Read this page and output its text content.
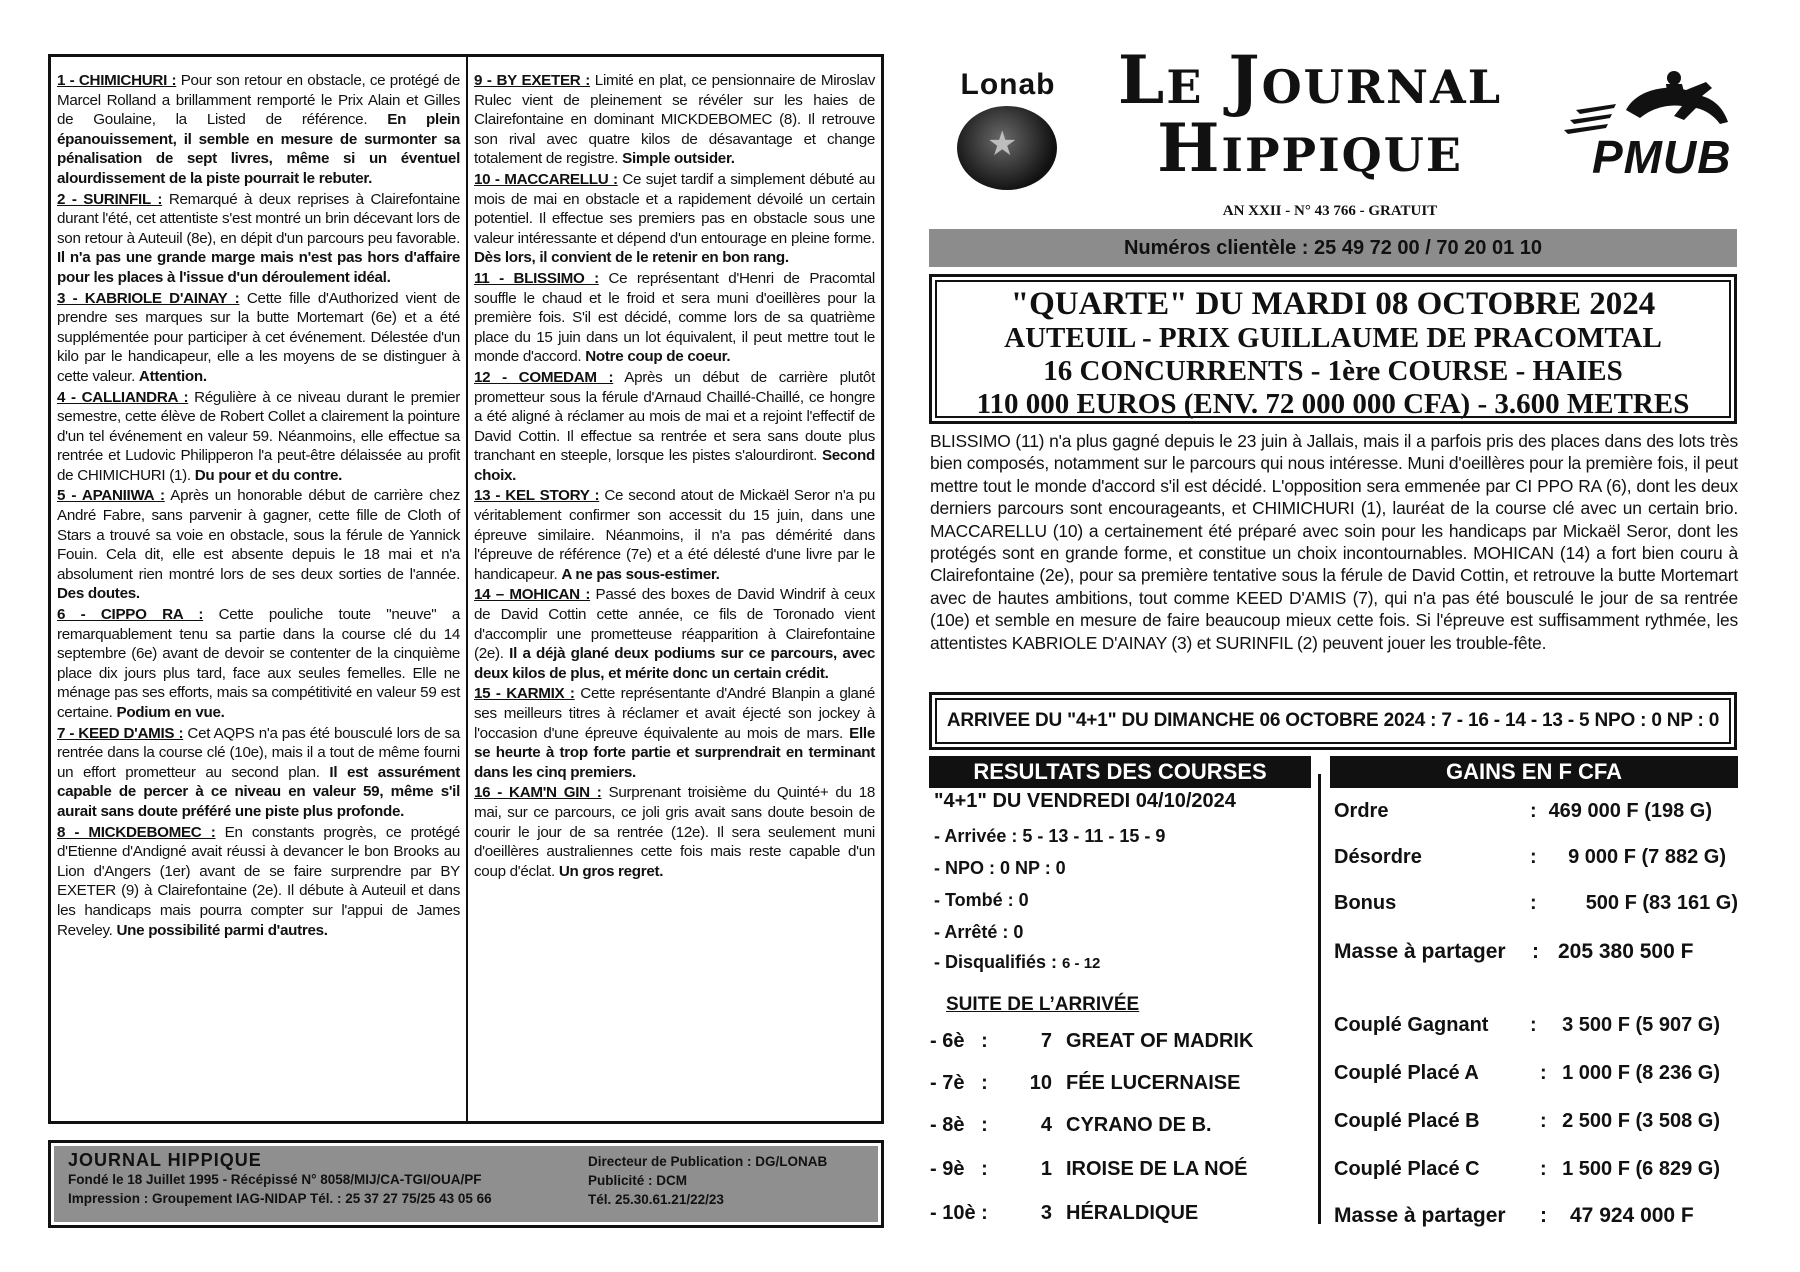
1 - CHIMICHURI : Pour son retour en obstacle, ce protégé de Marcel Rolland a brillamment remporté le Prix Alain et Gilles de Goulaine, la Listed de référence. En plein épanouissement, il semble en mesure de surmonter sa pénalisation de sept livres, même si un éventuel alourdissement de la piste pourrait le rebuter.

2 - SURINFIL : Remarqué à deux reprises à Clairefontaine durant l'été, cet attentiste s'est montré un brin décevant lors de son retour à Auteuil (8e), en dépit d'un parcours peu favorable. Il n'a pas une grande marge mais n'est pas hors d'affaire pour les places à l'issue d'un déroulement idéal.

3 - KABRIOLE D'AINAY : Cette fille d'Authorized vient de prendre ses marques sur la butte Mortemart (6e) et a été supplémentée pour participer à cet événement. Délestée d'un kilo par le handicapeur, elle a les moyens de se distinguer à cette valeur. Attention.

4 - CALLIANDRA : Régulière à ce niveau durant le premier semestre, cette élève de Robert Collet a clairement la pointure d'un tel événement en valeur 59. Néanmoins, elle effectue sa rentrée et Ludovic Philipperon l'a peut-être délaissée au profit de CHIMICHURI (1). Du pour et du contre.

5 - APANIIWA : Après un honorable début de carrière chez André Fabre, sans parvenir à gagner, cette fille de Cloth of Stars a trouvé sa voie en obstacle, sous la férule de Yannick Fouin. Cela dit, elle est absente depuis le 18 mai et n'a absolument rien montré lors de ses deux sorties de l'année. Des doutes.

6 - CIPPO RA : Cette pouliche toute "neuve" a remarquablement tenu sa partie dans la course clé du 14 septembre (6e) avant de devoir se contenter de la cinquième place dix jours plus tard, face aux seules femelles. Elle ne ménage pas ses efforts, mais sa compétitivité en valeur 59 est certaine. Podium en vue.

7 - KEED D'AMIS : Cet AQPS n'a pas été bousculé lors de sa rentrée dans la course clé (10e), mais il a tout de même fourni un effort prometteur au second plan. Il est assurément capable de percer à ce niveau en valeur 59, même s'il aurait sans doute préféré une piste plus profonde.

8 - MICKDEBOMEC : En constants progrès, ce protégé d'Etienne d'Andigné avait réussi à devancer le bon Brooks au Lion d'Angers (1er) avant de se faire surprendre par BY EXETER (9) à Clairefontaine (2e). Il débute à Auteuil et dans les handicaps mais pourra compter sur l'appui de James Reveley. Une possibilité parmi d'autres.

9 - BY EXETER : Limité en plat, ce pensionnaire de Miroslav Rulec vient de pleinement se révéler sur les haies de Clairefontaine en dominant MICKDEBOMEC (8). Il retrouve son rival avec quatre kilos de désavantage et change totalement de registre. Simple outsider.

10 - MACCARELLU : Ce sujet tardif a simplement débuté au mois de mai en obstacle et a rapidement dévoilé un certain potentiel. Il effectue ses premiers pas en obstacle sous une valeur intéressante et dépend d'un entourage en pleine forme. Dès lors, il convient de le retenir en bon rang.

11 - BLISSIMO : Ce représentant d'Henri de Pracomtal souffle le chaud et le froid et sera muni d'oeillères pour la première fois. S'il est décidé, comme lors de sa quatrième place du 15 juin dans un lot équivalent, il peut mettre tout le monde d'accord. Notre coup de coeur.

12 - COMEDAM : Après un début de carrière plutôt prometteur sous la férule d'Arnaud Chaillé-Chaillé, ce hongre a été aligné à réclamer au mois de mai et a rejoint l'effectif de David Cottin. Il effectue sa rentrée et sera sans doute plus tranchant en steeple, lorsque les pistes s'alourdiront. Second choix.

13 - KEL STORY : Ce second atout de Mickaël Seror n'a pu véritablement confirmer son accessit du 15 juin, dans une épreuve similaire. Néanmoins, il n'a pas démérité dans l'épreuve de référence (7e) et a été délesté d'une livre par le handicapeur. A ne pas sous-estimer.

14 – MOHICAN : Passé des boxes de David Windrif à ceux de David Cottin cette année, ce fils de Toronado vient d'accomplir une prometteuse réapparition à Clairefontaine (2e). Il a déjà glané deux podiums sur ce parcours, avec deux kilos de plus, et mérite donc un certain crédit.

15 - KARMIX : Cette représentante d'André Blanpin a glané ses meilleurs titres à réclamer et avait éjecté son jockey à l'occasion d'une épreuve équivalente au mois de mars. Elle se heurte à trop forte partie et surprendrait en terminant dans les cinq premiers.

16 - KAM'N GIN : Surprenant troisième du Quinté+ du 18 mai, sur ce parcours, ce joli gris avait sans doute besoin de courir le jour de sa rentrée (12e). Il sera seulement muni d'oeillères australiennes cette fois mais reste capable d'un coup d'éclat. Un gros regret.

JOURNAL HIPPIQUE
Fondé le 18 Juillet 1995 - Récépissé N° 8058/MIJ/CA-TGI/OUA/PF
Impression : Groupement IAG-NIDAP Tél. : 25 37 27 75/25 43 05 66
Directeur de Publication : DG/LONAB
Publicité : DCM
Tél. 25.30.61.21/22/23
Lonab
★
Le Journal
Hippique
AN XXII - N° 43 766 - GRATUIT
PMUB
Numéros clientèle : 25 49 72 00 / 70 20 01 10
"QUARTE" DU MARDI 08 OCTOBRE 2024
AUTEUIL - PRIX GUILLAUME DE PRACOMTAL
16 CONCURRENTS - 1ère COURSE - HAIES
110 000 EUROS (ENV. 72 000 000 CFA) - 3.600 METRES

BLISSIMO (11) n'a plus gagné depuis le 23 juin à Jallais, mais il a parfois pris des places dans des lots très bien composés, notamment sur le parcours qui nous intéresse. Muni d'oeillères pour la première fois, il peut mettre tout le monde d'accord s'il est décidé. L'opposition sera emmenée par CI PPO RA (6), dont les deux derniers parcours sont encourageants, et CHIMICHURI (1), lauréat de la course clé avec un certain brio. MACCARELLU (10) a certainement été préparé avec soin pour les handicaps par Mickaël Seror, dont les protégés sont en grande forme, et constitue un choix incontournables. MOHICAN (14) a fort bien couru à Clairefontaine (2e), pour sa première tentative sous la férule de David Cottin, et retrouve la butte Mortemart avec de hautes ambitions, tout comme KEED D'AMIS (7), qui n'a pas été bousculé le jour de sa rentrée (10e) et semble en mesure de faire beaucoup mieux cette fois. Si l'épreuve est suffisamment rythmée, les attentistes KABRIOLE D'AINAY (3) et SURINFIL (2) peuvent jouer les trouble-fête.

ARRIVEE DU "4+1" DU DIMANCHE 06 OCTOBRE 2024 : 7 - 16 - 14 - 13 - 5 NPO : 0 NP : 0
RESULTATS DES COURSES	GAINS EN F CFA
"4+1" DU VENDREDI 04/10/2024
- Arrivée : 5 - 13 - 11 - 15 - 9
- NPO : 0 NP : 0
- Tombé : 0
- Arrêté : 0
- Disqualifiés : 6 - 12
SUITE DE L’ARRIVÉE
- 6è   :	7 GREAT OF MADRIK
- 7è   : 10 FÉE LUCERNAISE
- 8è   :	4 CYRANO DE B.
- 9è   :	1 IROISE DE LA NOÉ
- 10è :	3 HÉRALDIQUE
Ordre	: 469 000 F (198 G)
Désordre	: 9 000 F (7 882 G)
Bonus	: 500 F (83 161 G)
Masse à partager : 205 380 500 F
Couplé Gagnant : 3 500 F (5 907 G)
Couplé Placé A	: 1 000 F (8 236 G)
Couplé Placé B	: 2 500 F (3 508 G)
Couplé Placé C	: 1 500 F (6 829 G)
Masse à partager : 47 924 000 F
